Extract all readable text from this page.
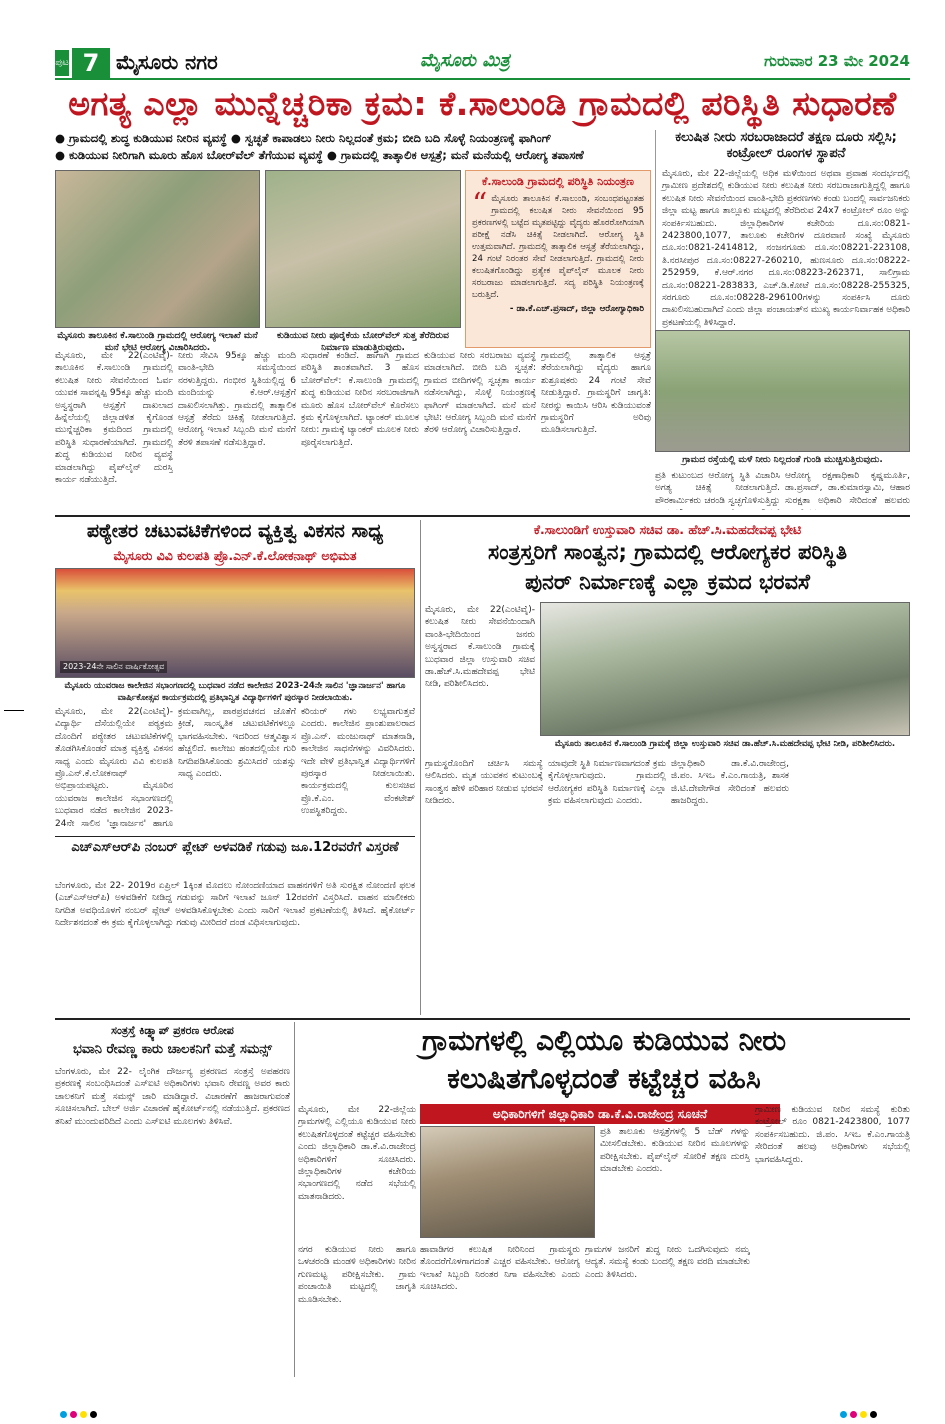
ಪುಟ 7 ಮೈಸೂರು ನಗರ	ಮೈಸೂರು ಮಿತ್ರ	ಗುರುವಾರ 23 ಮೇ 2024
ಅಗತ್ಯ ಎಲ್ಲಾ ಮುನ್ನೆಚ್ಚರಿಕಾ ಕ್ರಮ: ಕೆ.ಸಾಲುಂಡಿ ಗ್ರಾಮದಲ್ಲಿ ಪರಿಸ್ಥಿತಿ ಸುಧಾರಣೆ
● ಗ್ರಾಮದಲ್ಲಿ ಶುದ್ಧ ಕುಡಿಯುವ ನೀರಿನ ವ್ಯವಸ್ಥೆ ● ಸ್ವಚ್ಛತೆ ಕಾಪಾಡಲು ನೀರು ನಿಲ್ಲದಂತೆ ಕ್ರಮ; ಬೀದಿ ಬದಿ ಸೊಳ್ಳೆ ನಿಯಂತ್ರಣಕ್ಕೆ ಫಾಗಿಂಗ್
● ಕುಡಿಯುವ ನೀರಿಗಾಗಿ ಮೂರು ಹೊಸ ಬೋರ್‌ವೆಲ್ ತೆಗೆಯುವ ವ್ಯವಸ್ಥೆ ● ಗ್ರಾಮದಲ್ಲಿ ತಾತ್ಕಾಲಿಕ ಆಸ್ಪತ್ರೆ; ಮನೆ ಮನೆಯಲ್ಲಿ ಆರೋಗ್ಯ ತಪಾಸಣೆ
ಮೈಸೂರು ತಾಲೂಕಿನ ಕೆ.ಸಾಲುಂಡಿ ಗ್ರಾಮದಲ್ಲಿ ಆರೋಗ್ಯ ಇಲಾಖೆ ಮನೆ ಮನೆ ಭೇಟಿ ಆರೋಗ್ಯ ವಿಚಾರಿಸಿದರು.
ಕುಡಿಯುವ ನೀರು ಪೂರೈಕೆಯ ಬೋರ್‌ವೆಲ್ ಸುತ್ತ ತೆರೆದಿರುವ ನಿರ್ಮಾಣ ಮಾಡುತ್ತಿರುವುದು.
ಕೆ.ಸಾಲುಂಡಿ ಗ್ರಾಮದಲ್ಲಿ ಪರಿಸ್ಥಿತಿ ನಿಯಂತ್ರಣ
“ ಮೈಸೂರು ತಾಲೂಕಿನ ಕೆ.ಸಾಲುಂಡಿ, ಸಂಬಂಧಪಟ್ಟಂತಹ ಗ್ರಾಮದಲ್ಲಿ ಕಲುಷಿತ ನೀರು ಸೇವನೆಯಿಂದ 95 ಪ್ರಕರಣಗಳಲ್ಲಿ ಬಟ್ಟೆದ ಮೃತಪಟ್ಟಿದ್ದು ವೈದ್ಯರು ಹೊರರೋಗಿಯಾಗಿ ಪರೀಕ್ಷೆ ನಡೆಸಿ ಚಿಕಿತ್ಸೆ ನೀಡಲಾಗಿದೆ. ಆರೋಗ್ಯ ಸ್ಥಿತಿ ಉತ್ತಮವಾಗಿದೆ. ಗ್ರಾಮದಲ್ಲಿ ತಾತ್ಕಾಲಿಕ ಆಸ್ಪತ್ರೆ ತೆರೆಯಲಾಗಿದ್ದು, 24 ಗಂಟೆ ನಿರಂತರ ಸೇವೆ ನೀಡಲಾಗುತ್ತಿದೆ. ಗ್ರಾಮದಲ್ಲಿ ನೀರು ಕಲುಷಿತಗೊಂಡಿದ್ದು ಪ್ರತ್ಯೇಕ ಪೈಪ್‌ಲೈನ್ ಮೂಲಕ ನೀರು ಸರಬರಾಜು ಮಾಡಲಾಗುತ್ತಿದೆ. ಸದ್ಯ ಪರಿಸ್ಥಿತಿ ನಿಯಂತ್ರಣಕ್ಕೆ ಬರುತ್ತಿದೆ.
- ಡಾ.ಕೆ.ಎಚ್.ಪ್ರಸಾದ್, ಜಿಲ್ಲಾ ಆರೋಗ್ಯಾಧಿಕಾರಿ
ಕಲುಷಿತ ನೀರು ಸರಬರಾಜಾದರೆ ತಕ್ಷಣ ದೂರು ಸಲ್ಲಿಸಿ; ಕಂಟ್ರೋಲ್ ರೂಂಗಳ ಸ್ಥಾಪನೆ
ಮೈಸೂರು, ಮೇ 22-ಜಿಲ್ಲೆಯಲ್ಲಿ ಅಧಿಕ ಮಳೆಯಿಂದ ಅಥವಾ ಪ್ರವಾಹ ಸಂದರ್ಭದಲ್ಲಿ ಗ್ರಾಮೀಣ ಪ್ರದೇಶದಲ್ಲಿ ಕುಡಿಯುವ ನೀರು ಕಲುಷಿತ ನೀರು ಸರಬರಾಜಾಗುತ್ತಿದ್ದಲ್ಲಿ ಹಾಗೂ ಕಲುಷಿತ ನೀರು ಸೇವನೆಯಿಂದ ವಾಂತಿ-ಭೇದಿ ಪ್ರಕರಣಗಳು ಕಂಡು ಬಂದಲ್ಲಿ ಸಾರ್ವಜನಿಕರು ಜಿಲ್ಲಾ ಮಟ್ಟ ಹಾಗೂ ತಾಲ್ಲೂಕು ಮಟ್ಟದಲ್ಲಿ ತೆರೆದಿರುವ 24x7 ಕಂಟ್ರೋಲ್ ರೂಂ ಅನ್ನು ಸಂಪರ್ಕಿಸಬಹುದು. ಜಿಲ್ಲಾಧಿಕಾರಿಗಳ ಕಚೇರಿಯ ದೂ.ಸಂ:0821-2423800,1077, ತಾಲೂಕು ಕಚೇರಿಗಳ ದೂರವಾಣಿ ಸಂಖ್ಯೆ ಮೈಸೂರು ದೂ.ಸಂ:0821-2414812, ನಂಜನಗೂಡು ದೂ.ಸಂ:08221-223108, ತಿ.ನರಸೀಪುರ ದೂ.ಸಂ:08227-260210, ಹುಣಸೂರು ದೂ.ಸಂ:08222-252959, ಕೆ.ಆರ್.ನಗರ ದೂ.ಸಂ:08223-262371, ಸಾಲಿಗ್ರಾಮ ದೂ.ಸಂ:08221-283833, ಎಚ್.ಡಿ.ಕೋಟೆ ದೂ.ಸಂ:08228-255325, ಸರಗೂರು ದೂ.ಸಂ:08228-296100ಗಳನ್ನು ಸಂಪರ್ಕಿಸಿ ದೂರು ದಾಖಲಿಸಬಹುದಾಗಿದೆ ಎಂದು ಜಿಲ್ಲಾ ಪಂಚಾಯತ್‌ನ ಮುಖ್ಯ ಕಾರ್ಯನಿರ್ವಾಹಕ ಅಧಿಕಾರಿ ಪ್ರಕಟಣೆಯಲ್ಲಿ ತಿಳಿಸಿದ್ದಾರೆ.
ಗ್ರಾಮದ ರಸ್ತೆಯಲ್ಲಿ ಮಳೆ ನೀರು ನಿಲ್ಲದಂತೆ ಗುಂಡಿ ಮುಚ್ಚಿಸುತ್ತಿರುವುದು.
ಮೈಸೂರು, ಮೇ 22(ಎಂಟಿವೈ)- ತಾಲೂಕಿನ ಕೆ.ಸಾಲುಂಡಿ ಗ್ರಾಮದಲ್ಲಿ ಕಲುಷಿತ ನೀರು ಸೇವನೆಯಿಂದ ಓರ್ವ ಯುವಕ ಸಾವನ್ನಪ್ಪಿ 95ಕ್ಕೂ ಹೆಚ್ಚು ಮಂದಿ ಅಸ್ವಸ್ಥರಾಗಿ ಆಸ್ಪತ್ರೆಗೆ ದಾಖಲಾದ ಹಿನ್ನೆಲೆಯಲ್ಲಿ ಜಿಲ್ಲಾಡಳಿತ ಕೈಗೊಂಡ ಮುನ್ನೆಚ್ಚರಿಕಾ ಕ್ರಮದಿಂದ ಗ್ರಾಮದಲ್ಲಿ ಪರಿಸ್ಥಿತಿ ಸುಧಾರಣೆಯಾಗಿದೆ. ಗ್ರಾಮದಲ್ಲಿ ಶುದ್ಧ ಕುಡಿಯುವ ನೀರಿನ ವ್ಯವಸ್ಥೆ ಮಾಡಲಾಗಿದ್ದು ಪೈಪ್‌ಲೈನ್ ದುರಸ್ತಿ ಕಾರ್ಯ ನಡೆಯುತ್ತಿದೆ.
ನೀರು ಸೇವಿಸಿ 95ಕ್ಕೂ ಹೆಚ್ಚು ಮಂದಿ ವಾಂತಿ-ಭೇದಿ ಸಮಸ್ಯೆಯಿಂದ ನರಳುತ್ತಿದ್ದರು. ಗಂಭೀರ ಸ್ಥಿತಿಯಲ್ಲಿದ್ದ 6 ಮಂದಿಯನ್ನು ಕೆ.ಆರ್.ಆಸ್ಪತ್ರೆಗೆ ದಾಖಲಿಸಲಾಗಿತ್ತು. ಗ್ರಾಮದಲ್ಲಿ ತಾತ್ಕಾಲಿಕ ಆಸ್ಪತ್ರೆ ತೆರೆದು ಚಿಕಿತ್ಸೆ ನೀಡಲಾಗುತ್ತಿದೆ. ಆರೋಗ್ಯ ಇಲಾಖೆ ಸಿಬ್ಬಂದಿ ಮನೆ ಮನೆಗೆ ತೆರಳಿ ತಪಾಸಣೆ ನಡೆಸುತ್ತಿದ್ದಾರೆ.
ಸುಧಾರಣೆ ಕಂಡಿದೆ. ಹಾಗಾಗಿ ಗ್ರಾಮದ ಪರಿಸ್ಥಿತಿ ಶಾಂತವಾಗಿದೆ. 3 ಹೊಸ ಬೋರ್‌ವೆಲ್: ಕೆ.ಸಾಲುಂಡಿ ಗ್ರಾಮದಲ್ಲಿ ಶುದ್ಧ ಕುಡಿಯುವ ನೀರಿನ ಸರಬರಾಜಿಗಾಗಿ ಮೂರು ಹೊಸ ಬೋರ್‌ವೆಲ್ ಕೊರೆಸಲು ಕ್ರಮ ಕೈಗೊಳ್ಳಲಾಗಿದೆ. ಟ್ಯಾಂಕರ್ ಮೂಲಕ ನೀರು: ಗ್ರಾಮಕ್ಕೆ ಟ್ಯಾಂಕರ್ ಮೂಲಕ ನೀರು ಪೂರೈಸಲಾಗುತ್ತಿದೆ.
ಕುಡಿಯುವ ನೀರು ಸರಬರಾಜು ವ್ಯವಸ್ಥೆ ಮಾಡಲಾಗಿದೆ. ಬೀದಿ ಬದಿ ಸ್ವಚ್ಛತೆ: ಗ್ರಾಮದ ಬೀದಿಗಳಲ್ಲಿ ಸ್ವಚ್ಛತಾ ಕಾರ್ಯ ನಡೆಸಲಾಗಿದ್ದು, ಸೊಳ್ಳೆ ನಿಯಂತ್ರಣಕ್ಕೆ ಫಾಗಿಂಗ್ ಮಾಡಲಾಗಿದೆ. ಮನೆ ಮನೆ ಭೇಟಿ: ಆರೋಗ್ಯ ಸಿಬ್ಬಂದಿ ಮನೆ ಮನೆಗೆ ತೆರಳಿ ಆರೋಗ್ಯ ವಿಚಾರಿಸುತ್ತಿದ್ದಾರೆ.
ಗ್ರಾಮದಲ್ಲಿ ತಾತ್ಕಾಲಿಕ ಆಸ್ಪತ್ರೆ ತೆರೆಯಲಾಗಿದ್ದು ವೈದ್ಯರು ಹಾಗೂ ಶುಶ್ರೂಷಕರು 24 ಗಂಟೆ ಸೇವೆ ನೀಡುತ್ತಿದ್ದಾರೆ. ಗ್ರಾಮಸ್ಥರಿಗೆ ಜಾಗೃತಿ: ನೀರನ್ನು ಕಾಯಿಸಿ ಆರಿಸಿ ಕುಡಿಯುವಂತೆ ಗ್ರಾಮಸ್ಥರಿಗೆ ಅರಿವು ಮೂಡಿಸಲಾಗುತ್ತಿದೆ.
ಪ್ರತಿ ಕುಟುಂಬದ ಆರೋಗ್ಯ ಸ್ಥಿತಿ ವಿಚಾರಿಸಿ ಅಗತ್ಯ ಚಿಕಿತ್ಸೆ ನೀಡಲಾಗುತ್ತಿದೆ. ಪೌರಕಾರ್ಮಿಕರು ಚರಂಡಿ ಸ್ವಚ್ಛಗೊಳಿಸುತ್ತಿದ್ದು
ಆರೋಗ್ಯ ರಕ್ಷಣಾಧಿಕಾರಿ ಕೃಷ್ಣಮೂರ್ತಿ, ಡಾ.ಪ್ರಸಾದ್, ಡಾ.ಕುಮಾರಸ್ವಾಮಿ, ಆಹಾರ ಸುರಕ್ಷತಾ ಅಧಿಕಾರಿ ಸೇರಿದಂತೆ ಹಲವರು
ಪಠ್ಯೇತರ ಚಟುವಟಿಕೆಗಳಿಂದ ವ್ಯಕ್ತಿತ್ವ ವಿಕಸನ ಸಾಧ್ಯ
ಮೈಸೂರು ವಿವಿ ಕುಲಪತಿ ಪ್ರೊ.ಎನ್.ಕೆ.ಲೋಕನಾಥ್ ಅಭಿಮತ
2023-24ನೇ ಸಾಲಿನ ವಾರ್ಷಿಕೋತ್ಸವ
ಮೈಸೂರು ಯುವರಾಜ ಕಾಲೇಜಿನ ಸಭಾಂಗಣದಲ್ಲಿ ಬುಧವಾರ ನಡೆದ ಕಾಲೇಜಿನ 2023-24ನೇ ಸಾಲಿನ 'ಜ್ಞಾನಾರ್ಜನ' ಹಾಗೂ ವಾರ್ಷಿಕೋತ್ಸವ ಕಾರ್ಯಕ್ರಮದಲ್ಲಿ ಪ್ರತಿಭಾನ್ವಿತ ವಿದ್ಯಾರ್ಥಿಗಳಿಗೆ ಪುರಸ್ಕಾರ ನೀಡಲಾಯಿತು.
ಮೈಸೂರು, ಮೇ 22(ಎಂಟಿವೈ)- ವಿದ್ಯಾರ್ಥಿ ದೆಸೆಯಲ್ಲಿಯೇ ಪಠ್ಯಕ್ರಮ ದೊಂದಿಗೆ ಪಠ್ಯೇತರ ಚಟುವಟಿಕೆಗಳಲ್ಲಿ ತೊಡಗಿಸಿಕೊಂಡರೆ ಮಾತ್ರ ವ್ಯಕ್ತಿತ್ವ ವಿಕಸನ ಸಾಧ್ಯ ಎಂದು ಮೈಸೂರು ವಿವಿ ಕುಲಪತಿ ಪ್ರೊ.ಎನ್.ಕೆ.ಲೋಕನಾಥ್ ಅಭಿಪ್ರಾಯಪಟ್ಟರು. ಮೈಸೂರಿನ ಯುವರಾಜ ಕಾಲೇಜಿನ ಸಭಾಂಗಣದಲ್ಲಿ ಬುಧವಾರ ನಡೆದ ಕಾಲೇಜಿನ 2023-24ನೇ ಸಾಲಿನ 'ಜ್ಞಾನಾರ್ಜನ' ಹಾಗೂ
ಕ್ರಮವಾಗಿಲ್ಲ, ಪಾಠಪ್ರವಚನದ ಜೊತೆಗೆ ಕ್ರೀಡೆ, ಸಾಂಸ್ಕೃತಿಕ ಚಟುವಟಿಕೆಗಳಲ್ಲೂ ಭಾಗವಹಿಸಬೇಕು. ಇದರಿಂದ ಆತ್ಮವಿಶ್ವಾಸ ಹೆಚ್ಚಲಿದೆ. ಕಾಲೇಜು ಹಂತದಲ್ಲಿಯೇ ಗುರಿ ನಿಗದಿಪಡಿಸಿಕೊಂಡು ಶ್ರಮಿಸಿದರೆ ಯಶಸ್ಸು ಸಾಧ್ಯ ಎಂದರು.
ಕರಿಯರ್ ಗಳು ಲಭ್ಯವಾಗುತ್ತವೆ ಎಂದರು. ಕಾಲೇಜಿನ ಪ್ರಾಂಶುಪಾಲರಾದ ಪ್ರೊ.ಎನ್. ಮಂಜುನಾಥ್ ಮಾತನಾಡಿ, ಕಾಲೇಜಿನ ಸಾಧನೆಗಳನ್ನು ವಿವರಿಸಿದರು. ಇದೇ ವೇಳೆ ಪ್ರತಿಭಾನ್ವಿತ ವಿದ್ಯಾರ್ಥಿಗಳಿಗೆ ಪುರಸ್ಕಾರ ನೀಡಲಾಯಿತು. ಕಾರ್ಯಕ್ರಮದಲ್ಲಿ ಕುಲಸಚಿವ ಪ್ರೊ.ಕೆ.ಎಂ. ವೆಂಕಟೇಶ್ ಉಪಸ್ಥಿತರಿದ್ದರು.
ಕೆ.ಸಾಲುಂಡಿಗೆ ಉಸ್ತುವಾರಿ ಸಚಿವ ಡಾ. ಹೆಚ್.ಸಿ.ಮಹದೇವಪ್ಪ ಭೇಟಿ
ಸಂತ್ರಸ್ತರಿಗೆ ಸಾಂತ್ವನ; ಗ್ರಾಮದಲ್ಲಿ ಆರೋಗ್ಯಕರ ಪರಿಸ್ಥಿತಿ
ಪುನರ್ ನಿರ್ಮಾಣಕ್ಕೆ ಎಲ್ಲಾ ಕ್ರಮದ ಭರವಸೆ
ಮೈಸೂರು, ಮೇ 22(ಎಂಟಿವೈ)- ಕಲುಷಿತ ನೀರು ಸೇವನೆಯಿಂದಾಗಿ ವಾಂತಿ-ಭೇದಿಯಿಂದ ಜನರು ಅಸ್ವಸ್ಥರಾದ ಕೆ.ಸಾಲುಂಡಿ ಗ್ರಾಮಕ್ಕೆ ಬುಧವಾರ ಜಿಲ್ಲಾ ಉಸ್ತುವಾರಿ ಸಚಿವ ಡಾ.ಹೆಚ್.ಸಿ.ಮಹದೇವಪ್ಪ ಭೇಟಿ ನೀಡಿ, ಪರಿಶೀಲಿಸಿದರು.
ಮೈಸೂರು ತಾಲೂಕಿನ ಕೆ.ಸಾಲುಂಡಿ ಗ್ರಾಮಕ್ಕೆ ಜಿಲ್ಲಾ ಉಸ್ತುವಾರಿ ಸಚಿವ ಡಾ.ಹೆಚ್.ಸಿ.ಮಹದೇವಪ್ಪ ಭೇಟಿ ನೀಡಿ, ಪರಿಶೀಲಿಸಿದರು.
ಗ್ರಾಮಸ್ಥರೊಂದಿಗೆ ಚರ್ಚಿಸಿ ಸಮಸ್ಯೆ ಆಲಿಸಿದರು. ಮೃತ ಯುವಕನ ಕುಟುಂಬಕ್ಕೆ ಸಾಂತ್ವನ ಹೇಳಿ ಪರಿಹಾರ ನೀಡುವ ಭರವಸೆ ನೀಡಿದರು.
ಯಾವುದೇ ಸ್ಥಿತಿ ನಿರ್ಮಾಣವಾಗದಂತೆ ಕ್ರಮ ಕೈಗೊಳ್ಳಲಾಗುವುದು. ಗ್ರಾಮದಲ್ಲಿ ಆರೋಗ್ಯಕರ ಪರಿಸ್ಥಿತಿ ನಿರ್ಮಾಣಕ್ಕೆ ಎಲ್ಲಾ ಕ್ರಮ ವಹಿಸಲಾಗುವುದು ಎಂದರು.
ಜಿಲ್ಲಾಧಿಕಾರಿ ಡಾ.ಕೆ.ವಿ.ರಾಜೇಂದ್ರ, ಜಿ.ಪಂ. ಸಿಇಒ ಕೆ.ಎಂ.ಗಾಯತ್ರಿ, ಶಾಸಕ ಜಿ.ಟಿ.ದೇವೇಗೌಡ ಸೇರಿದಂತೆ ಹಲವರು ಹಾಜರಿದ್ದರು.
ಎಚ್‌ಎಸ್‌ಆರ್‌ಪಿ ನಂಬರ್ ಪ್ಲೇಟ್ ಅಳವಡಿಕೆ ಗಡುವು ಜೂ.12ರವರೆಗೆ ವಿಸ್ತರಣೆ
ಬೆಂಗಳೂರು, ಮೇ 22- 2019ರ ಏಪ್ರಿಲ್ 1ಕ್ಕಿಂತ ಮೊದಲು ನೋಂದಣಿಯಾದ ವಾಹನಗಳಿಗೆ ಅತಿ ಸುರಕ್ಷಿತ ನೋಂದಣಿ ಫಲಕ (ಎಚ್‌ಎಸ್‌ಆರ್‌ಪಿ) ಅಳವಡಿಕೆಗೆ ನೀಡಿದ್ದ ಗಡುವನ್ನು ಸಾರಿಗೆ ಇಲಾಖೆ ಜೂನ್ 12ರವರೆಗೆ ವಿಸ್ತರಿಸಿದೆ. ವಾಹನ ಮಾಲೀಕರು ನಿಗದಿತ ಅವಧಿಯೊಳಗೆ ನಂಬರ್ ಪ್ಲೇಟ್ ಅಳವಡಿಸಿಕೊಳ್ಳಬೇಕು ಎಂದು ಸಾರಿಗೆ ಇಲಾಖೆ ಪ್ರಕಟಣೆಯಲ್ಲಿ ತಿಳಿಸಿದೆ. ಹೈಕೋರ್ಟ್ ನಿರ್ದೇಶನದಂತೆ ಈ ಕ್ರಮ ಕೈಗೊಳ್ಳಲಾಗಿದ್ದು ಗಡುವು ಮೀರಿದರೆ ದಂಡ ವಿಧಿಸಲಾಗುವುದು.
ಸಂತ್ರಸ್ತೆ ಕಿಡ್ನ್ಯಾಪ್ ಪ್ರಕರಣ ಆರೋಪ
ಭವಾನಿ ರೇವಣ್ಣ ಕಾರು ಚಾಲಕನಿಗೆ ಮತ್ತೆ ಸಮನ್ಸ್
ಬೆಂಗಳೂರು, ಮೇ 22- ಲೈಂಗಿಕ ದೌರ್ಜನ್ಯ ಪ್ರಕರಣದ ಸಂತ್ರಸ್ತೆ ಅಪಹರಣ ಪ್ರಕರಣಕ್ಕೆ ಸಂಬಂಧಿಸಿದಂತೆ ಎಸ್‌ಐಟಿ ಅಧಿಕಾರಿಗಳು ಭವಾನಿ ರೇವಣ್ಣ ಅವರ ಕಾರು ಚಾಲಕನಿಗೆ ಮತ್ತೆ ಸಮನ್ಸ್ ಜಾರಿ ಮಾಡಿದ್ದಾರೆ. ವಿಚಾರಣೆಗೆ ಹಾಜರಾಗುವಂತೆ ಸೂಚಿಸಲಾಗಿದೆ. ಬೇಲ್ ಅರ್ಜಿ ವಿಚಾರಣೆ ಹೈಕೋರ್ಟ್‌ನಲ್ಲಿ ನಡೆಯುತ್ತಿದೆ. ಪ್ರಕರಣದ ತನಿಖೆ ಮುಂದುವರಿದಿದೆ ಎಂದು ಎಸ್‌ಐಟಿ ಮೂಲಗಳು ತಿಳಿಸಿವೆ.
ಗ್ರಾಮಗಳಲ್ಲಿ ಎಲ್ಲಿಯೂ ಕುಡಿಯುವ ನೀರು
ಕಲುಷಿತಗೊಳ್ಳದಂತೆ ಕಟ್ಟೆಚ್ಚರ ವಹಿಸಿ
ಅಧಿಕಾರಿಗಳಿಗೆ ಜಿಲ್ಲಾಧಿಕಾರಿ ಡಾ.ಕೆ.ವಿ.ರಾಜೇಂದ್ರ ಸೂಚನೆ
ಮೈಸೂರು, ಮೇ 22-ಜಿಲ್ಲೆಯ ಗ್ರಾಮಗಳಲ್ಲಿ ಎಲ್ಲಿಯೂ ಕುಡಿಯುವ ನೀರು ಕಲುಷಿತಗೊಳ್ಳದಂತೆ ಕಟ್ಟೆಚ್ಚರ ವಹಿಸಬೇಕು ಎಂದು ಜಿಲ್ಲಾಧಿಕಾರಿ ಡಾ.ಕೆ.ವಿ.ರಾಜೇಂದ್ರ ಅಧಿಕಾರಿಗಳಿಗೆ ಸೂಚಿಸಿದರು. ಜಿಲ್ಲಾಧಿಕಾರಿಗಳ ಕಚೇರಿಯ ಸಭಾಂಗಣದಲ್ಲಿ ನಡೆದ ಸಭೆಯಲ್ಲಿ ಮಾತನಾಡಿದರು.
ಪ್ರತಿ ತಾಲೂಕು ಆಸ್ಪತ್ರೆಗಳಲ್ಲಿ 5 ಬೆಡ್ ಗಳನ್ನು ಮೀಸಲಿಡಬೇಕು. ಕುಡಿಯುವ ನೀರಿನ ಮೂಲಗಳನ್ನು ಪರೀಕ್ಷಿಸಬೇಕು. ಪೈಪ್‌ಲೈನ್ ಸೋರಿಕೆ ತಕ್ಷಣ ದುರಸ್ತಿ ಮಾಡಬೇಕು ಎಂದರು.
ಗ್ರಾಮೀಣ ಕುಡಿಯುವ ನೀರಿನ ಸಮಸ್ಯೆ ಕುರಿತು ಕಂಟ್ರೋಲ್ ರೂಂ 0821-2423800, 1077 ಸಂಪರ್ಕಿಸಬಹುದು. ಜಿ.ಪಂ. ಸಿಇಒ ಕೆ.ಎಂ.ಗಾಯತ್ರಿ ಸೇರಿದಂತೆ ಹಲವು ಅಧಿಕಾರಿಗಳು ಸಭೆಯಲ್ಲಿ ಭಾಗವಹಿಸಿದ್ದರು.
ನಗರ ಕುಡಿಯುವ ನೀರು ಹಾಗೂ ಒಳಚರಂಡಿ ಮಂಡಳಿ ಅಧಿಕಾರಿಗಳು ನೀರಿನ ಗುಣಮಟ್ಟ ಪರೀಕ್ಷಿಸಬೇಕು. ಗ್ರಾಮ ಪಂಚಾಯಿತಿ ಮಟ್ಟದಲ್ಲಿ ಜಾಗೃತಿ ಮೂಡಿಸಬೇಕು.
ಹಾವಾಡಿಗರ ಕಲುಷಿತ ನೀರಿನಿಂದ ಗ್ರಾಮಸ್ಥರು ತೊಂದರೆಗೊಳಗಾಗದಂತೆ ಎಚ್ಚರ ವಹಿಸಬೇಕು. ಆರೋಗ್ಯ ಇಲಾಖೆ ಸಿಬ್ಬಂದಿ ನಿರಂತರ ನಿಗಾ ವಹಿಸಬೇಕು ಎಂದು ಸೂಚಿಸಿದರು.
ಗ್ರಾಮಗಳ ಜನರಿಗೆ ಶುದ್ಧ ನೀರು ಒದಗಿಸುವುದು ನಮ್ಮ ಆದ್ಯತೆ. ಸಮಸ್ಯೆ ಕಂಡು ಬಂದಲ್ಲಿ ತಕ್ಷಣ ವರದಿ ಮಾಡಬೇಕು ಎಂದು ತಿಳಿಸಿದರು.
